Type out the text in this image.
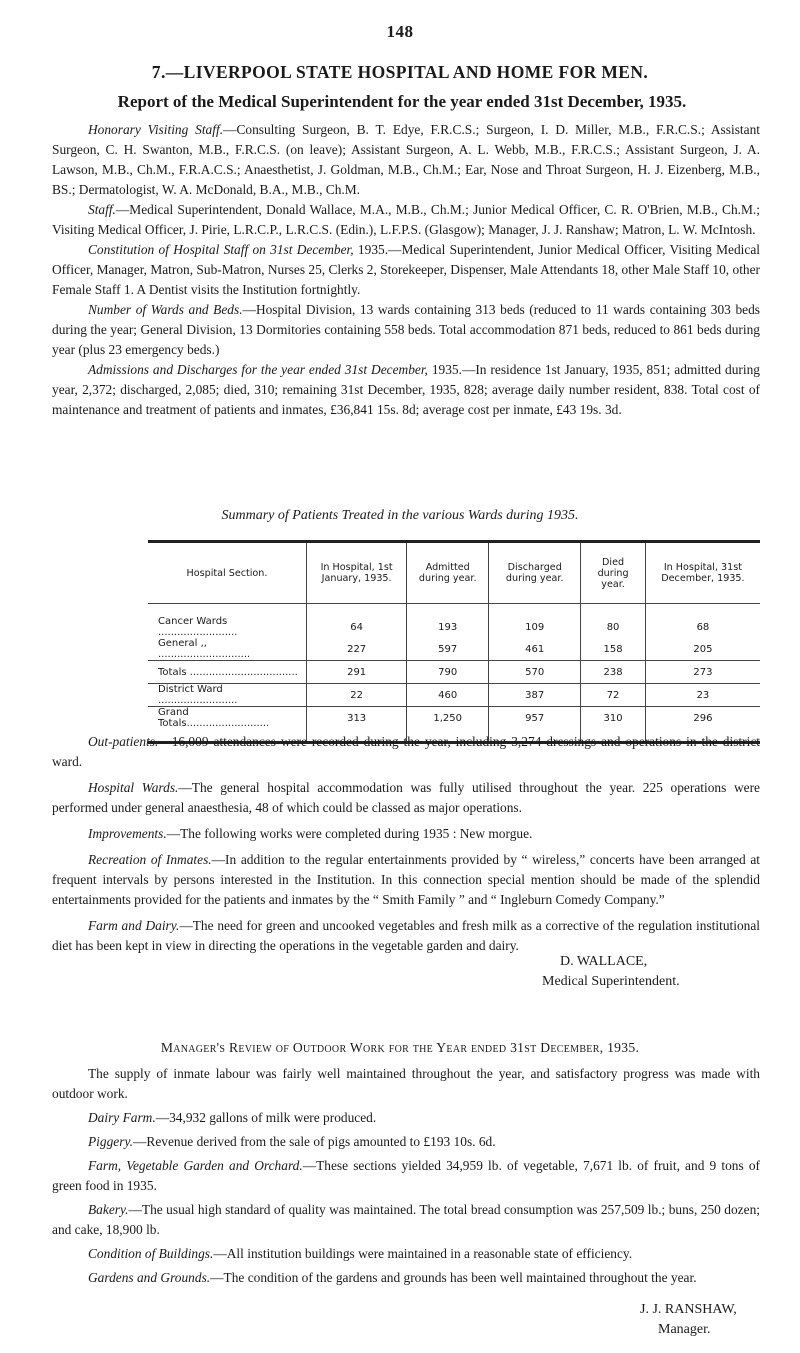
148
7.—LIVERPOOL STATE HOSPITAL AND HOME FOR MEN.
Report of the Medical Superintendent for the year ended 31st December, 1935.

Honorary Visiting Staff.—Consulting Surgeon, B. T. Edye, F.R.C.S.; Surgeon, I. D. Miller, M.B., F.R.C.S.; Assistant Surgeon, C. H. Swanton, M.B., F.R.C.S. (on leave); Assistant Surgeon, A. L. Webb, M.B., F.R.C.S.; Assistant Surgeon, J. A. Lawson, M.B., Ch.M., F.R.A.C.S.; Anaesthetist, J. Goldman, M.B., Ch.M.; Ear, Nose and Throat Surgeon, H. J. Eizenberg, M.B., BS.; Dermatologist, W. A. McDonald, B.A., M.B., Ch.M.

Staff.—Medical Superintendent, Donald Wallace, M.A., M.B., Ch.M.; Junior Medical Officer, C. R. O'Brien, M.B., Ch.M.; Visiting Medical Officer, J. Pirie, L.R.C.P., L.R.C.S. (Edin.), L.F.P.S. (Glasgow); Manager, J. J. Ranshaw; Matron, L. W. McIntosh.

Constitution of Hospital Staff on 31st December, 1935.—Medical Superintendent, Junior Medical Officer, Visiting Medical Officer, Manager, Matron, Sub-Matron, Nurses 25, Clerks 2, Storekeeper, Dispenser, Male Attendants 18, other Male Staff 10, other Female Staff 1. A Dentist visits the Institution fortnightly.

Number of Wards and Beds.—Hospital Division, 13 wards containing 313 beds (reduced to 11 wards containing 303 beds during the year; General Division, 13 Dormitories containing 558 beds. Total accommodation 871 beds, reduced to 861 beds during year (plus 23 emergency beds.)

Admissions and Discharges for the year ended 31st December, 1935.—In residence 1st January, 1935, 851; admitted during year, 2,372; discharged, 2,085; died, 310; remaining 31st December, 1935, 828; average daily number resident, 838. Total cost of maintenance and treatment of patients and inmates, £36,841 15s. 8d; average cost per inmate, £43 19s. 3d.

Summary of Patients Treated in the various Wards during 1935.
Hospital Section.	In Hospital, 1st January, 1935.	Admitted during year.	Discharged during year.	Died during year.	In Hospital, 31st December, 1935.

Cancer Wards .........................	64	193	109	80	68
General ,, .............................	227	597	461	158	205
Totals ..................................	291	790	570	238	273
District Ward .........................	22	460	387	72	23
Grand Totals..........................	313	1,250	957	310	296

Out-patients.—16,009 attendances were recorded during the year, including 3,274 dressings and operations in the district ward.

Hospital Wards.—The general hospital accommodation was fully utilised throughout the year. 225 operations were performed under general anaesthesia, 48 of which could be classed as major operations.

Improvements.—The following works were completed during 1935 : New morgue.

Recreation of Inmates.—In addition to the regular entertainments provided by “ wireless,” concerts have been arranged at frequent intervals by persons interested in the Institution. In this connection special mention should be made of the splendid entertainments provided for the patients and inmates by the “ Smith Family ” and “ Ingleburn Comedy Company.”

Farm and Dairy.—The need for green and uncooked vegetables and fresh milk as a corrective of the regulation institutional diet has been kept in view in directing the operations in the vegetable garden and dairy.

D. WALLACE,
Medical Superintendent.
Manager's Review of Outdoor Work for the Year ended 31st December, 1935.

The supply of inmate labour was fairly well maintained throughout the year, and satisfactory progress was made with outdoor work.

Dairy Farm.—34,932 gallons of milk were produced.

Piggery.—Revenue derived from the sale of pigs amounted to £193 10s. 6d.

Farm, Vegetable Garden and Orchard.—These sections yielded 34,959 lb. of vegetable, 7,671 lb. of fruit, and 9 tons of green food in 1935.

Bakery.—The usual high standard of quality was maintained. The total bread consumption was 257,509 lb.; buns, 250 dozen; and cake, 18,900 lb.

Condition of Buildings.—All institution buildings were maintained in a reasonable state of efficiency.

Gardens and Grounds.—The condition of the gardens and grounds has been well maintained throughout the year.

J. J. RANSHAW,
Manager.
